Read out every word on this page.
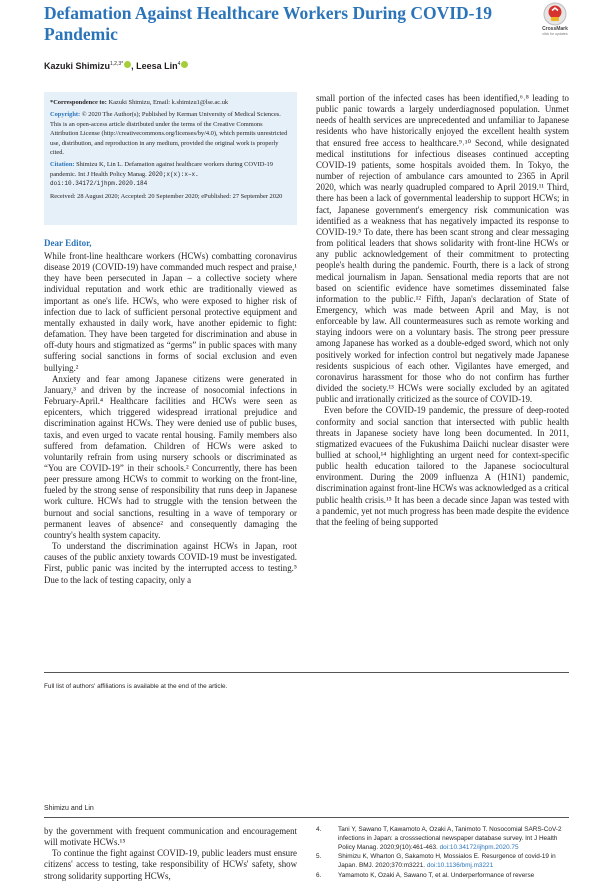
Defamation Against Healthcare Workers During COVID-19 Pandemic	CrossMark
click for updates
Kazuki Shimizu$^{1,2,3*}$ , Leesa Lin$^4$

*Correspondence to: Kazuki Shimizu, Email: k.shimizu1@lse.ac.uk

Copyright: © 2020 The Author(s); Published by Kerman University of Medical Sciences. This is an open-access article distributed under the terms of the Creative Commons Attribution License (http://creativecommons.org/licenses/by/4.0), which permits unrestricted use, distribution, and reproduction in any medium, provided the original work is properly cited.

Citation: Shimizu K, Lin L. Defamation against healthcare workers during COVID-19 pandemic. Int J Health Policy Manag. 2020;x(x):x–x. doi:10.34172/ijhpm.2020.184

Received: 28 August 2020; Accepted: 20 September 2020; ePublished: 27 September 2020

Dear Editor,

While front-line healthcare workers (HCWs) combatting coronavirus disease 2019 (COVID-19) have commanded much respect and praise,¹ they have been persecuted in Japan – a collective society where individual reputation and work ethic are traditionally viewed as important as one's life. HCWs, who were exposed to higher risk of infection due to lack of sufficient personal protective equipment and mentally exhausted in daily work, have another epidemic to fight: defamation. They have been targeted for discrimination and abuse in off-duty hours and stigmatized as “germs” in public spaces with many suffering social sanctions in forms of social exclusion and even bullying.²

Anxiety and fear among Japanese citizens were generated in January,³ and driven by the increase of nosocomial infections in February-April.⁴ Healthcare facilities and HCWs were seen as epicenters, which triggered widespread irrational prejudice and discrimination against HCWs. They were denied use of public buses, taxis, and even urged to vacate rental housing. Family members also suffered from defamation. Children of HCWs were asked to voluntarily refrain from using nursery schools or discriminated as “You are COVID-19” in their schools.² Concurrently, there has been peer pressure among HCWs to commit to working on the front-line, fueled by the strong sense of responsibility that runs deep in Japanese work culture. HCWs had to struggle with the tension between the burnout and social sanctions, resulting in a wave of temporary or permanent leaves of absence² and consequently damaging the country's health system capacity.

To understand the discrimination against HCWs in Japan, root causes of the public anxiety towards COVID-19 must be investigated. First, public panic was incited by the interrupted access to testing.⁵ Due to the lack of testing capacity, only a

small portion of the infected cases has been identified,⁶˒⁸ leading to public panic towards a largely underdiagnosed population. Unmet needs of health services are unprecedented and unfamiliar to Japanese residents who have historically enjoyed the excellent health system that ensured free access to healthcare.⁹˒¹⁰ Second, while designated medical institutions for infectious diseases continued accepting COVID-19 patients, some hospitals avoided them. In Tokyo, the number of rejection of ambulance cars amounted to 2365 in April 2020, which was nearly quadrupled compared to April 2019.¹¹ Third, there has been a lack of governmental leadership to support HCWs; in fact, Japanese government's emergency risk communication was identified as a weakness that has negatively impacted its response to COVID-19.⁵ To date, there has been scant strong and clear messaging from political leaders that shows solidarity with front-line HCWs or any public acknowledgement of their commitment to protecting people's health during the pandemic. Fourth, there is a lack of strong medical journalism in Japan. Sensational media reports that are not based on scientific evidence have sometimes disseminated false information to the public.¹² Fifth, Japan's declaration of State of Emergency, which was made between April and May, is not enforceable by law. All countermeasures such as remote working and staying indoors were on a voluntary basis. The strong peer pressure among Japanese has worked as a double-edged sword, which not only positively worked for infection control but negatively made Japanese residents suspicious of each other. Vigilantes have emerged, and coronavirus harassment for those who do not confirm has further divided the society.¹³ HCWs were socially excluded by an agitated public and irrationally criticized as the source of COVID-19.

Even before the COVID-19 pandemic, the pressure of deep-rooted conformity and social sanction that intersected with public health threats in Japanese society have long been documented. In 2011, stigmatized evacuees of the Fukushima Daiichi nuclear disaster were bullied at school,¹⁴ highlighting an urgent need for context-specific public health education tailored to the Japanese sociocultural environment. During the 2009 influenza A (H1N1) pandemic, discrimination against front-line HCWs was acknowledged as a critical public health crisis.¹⁵ It has been a decade since Japan was tested with a pandemic, yet not much progress has been made despite the evidence that the feeling of being supported

Full list of authors' affiliations is available at the end of the article.
Shimizu and Lin

by the government with frequent communication and encouragement will motivate HCWs.¹⁵

To continue the fight against COVID-19, public leaders must ensure citizens' access to testing, take responsibility of HCWs' safety, show strong solidarity supporting HCWs,

4.	Tani Y, Sawano T, Kawamoto A, Ozaki A, Tanimoto T. Nosocomial SARS-CoV-2 infections in Japan: a crosssectional newspaper database survey. Int J Health Policy Manag. 2020;9(10):461-463. doi:10.34172/ijhpm.2020.75
5.	Shimizu K, Wharton G, Sakamoto H, Mossialos E. Resurgence of covid-19 in Japan. BMJ. 2020;370:m3221. doi:10.1136/bmj.m3221
6.	Yamamoto K, Ozaki A, Sawano T, et al. Underperformance of reverse
